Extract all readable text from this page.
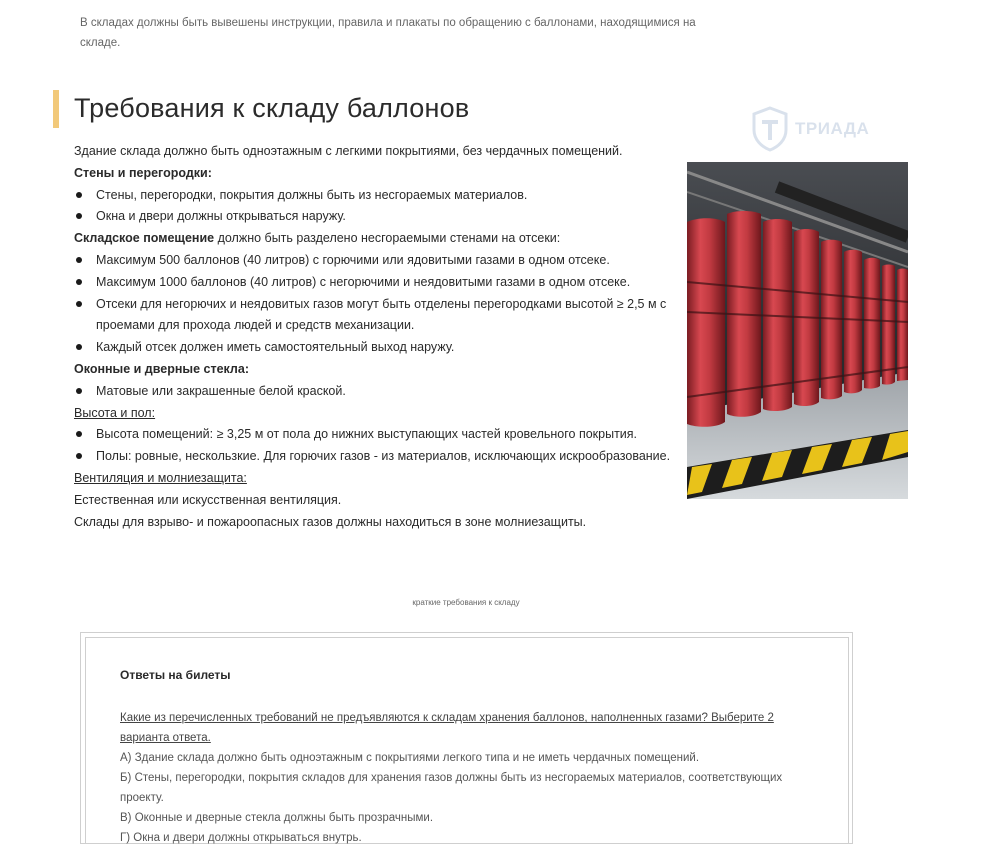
В складах должны быть вывешены инструкции, правила и плакаты по обращению с баллонами, находящимися на складе.
Требования к складу баллонов
ТРИАДА

Здание склада должно быть одноэтажным с легкими покрытиями, без чердачных помещений.

Стены и перегородки:

Стены, перегородки, покрытия должны быть из несгораемых материалов.
Окна и двери должны открываться наружу.

Складское помещение должно быть разделено несгораемыми стенами на отсеки:

Максимум 500 баллонов (40 литров) с горючими или ядовитыми газами в одном отсеке.
Максимум 1000 баллонов (40 литров) с негорючими и неядовитыми газами в одном отсеке.
Отсеки для негорючих и неядовитых газов могут быть отделены перегородками высотой ≥ 2,5 м с проемами для прохода людей и средств механизации.
Каждый отсек должен иметь самостоятельный выход наружу.

Оконные и дверные стекла:

Матовые или закрашенные белой краской.

Высота и пол:

Высота помещений: ≥ 3,25 м от пола до нижних выступающих частей кровельного покрытия.
Полы: ровные, нескользкие. Для горючих газов - из материалов, исключающих искрообразование.

Вентиляция и молниезащита:

Естественная или искусственная вентиляция.

Склады для взрыво- и пожароопасных газов должны находиться в зоне молниезащиты.

краткие требования к складу
Ответы на билеты

Какие из перечисленных требований не предъявляются к складам хранения баллонов, наполненных газами? Выберите 2 варианта ответа.

А) Здание склада должно быть одноэтажным с покрытиями легкого типа и не иметь чердачных помещений.

Б) Стены, перегородки, покрытия складов для хранения газов должны быть из несгораемых материалов, соответствующих проекту.

В) Оконные и дверные стекла должны быть прозрачными.

Г) Окна и двери должны открываться внутрь.
